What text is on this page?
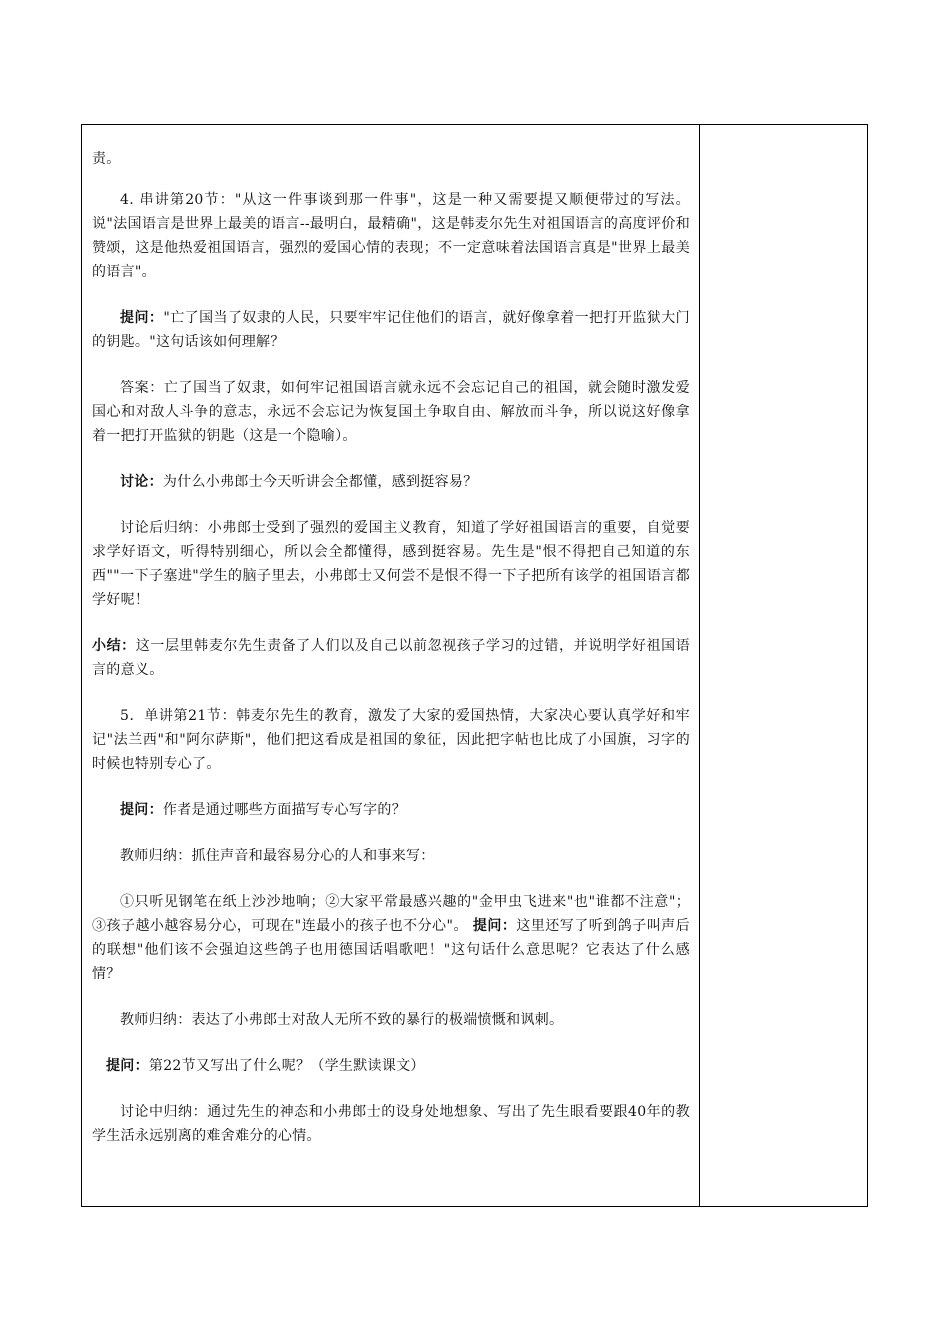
责。

4. 串讲第20节："从这一件事谈到那一件事"，这是一种又需要提又顺便带过的写法。说"法国语言是世界上最美的语言--最明白，最精确"，这是韩麦尔先生对祖国语言的高度评价和赞颂，这是他热爱祖国语言，强烈的爱国心情的表现；不一定意味着法国语言真是"世界上最美的语言"。

提问："亡了国当了奴隶的人民，只要牢牢记住他们的语言，就好像拿着一把打开监狱大门的钥匙。"这句话该如何理解？

答案：亡了国当了奴隶，如何牢记祖国语言就永远不会忘记自己的祖国，就会随时激发爱国心和对敌人斗争的意志，永远不会忘记为恢复国土争取自由、解放而斗争，所以说这好像拿着一把打开监狱的钥匙（这是一个隐喻）。

讨论：为什么小弗郎士今天听讲会全都懂，感到挺容易？

讨论后归纳：小弗郎士受到了强烈的爱国主义教育，知道了学好祖国语言的重要，自觉要求学好语文，听得特别细心，所以会全都懂得，感到挺容易。先生是"恨不得把自己知道的东西""一下子塞进"学生的脑子里去，小弗郎士又何尝不是恨不得一下子把所有该学的祖国语言都学好呢！

小结：这一层里韩麦尔先生责备了人们以及自己以前忽视孩子学习的过错，并说明学好祖国语言的意义。

5．单讲第21节：韩麦尔先生的教育，激发了大家的爱国热情，大家决心要认真学好和牢记"法兰西"和"阿尔萨斯"，他们把这看成是祖国的象征，因此把字帖也比成了小国旗，习字的时候也特别专心了。

提问：作者是通过哪些方面描写专心写字的？

教师归纳：抓住声音和最容易分心的人和事来写：

①只听见钢笔在纸上沙沙地响；②大家平常最感兴趣的"金甲虫飞进来"也"谁都不注意"；③孩子越小越容易分心，可现在"连最小的孩子也不分心"。 提问：这里还写了听到鸽子叫声后的联想"他们该不会强迫这些鸽子也用德国话唱歌吧！"这句话什么意思呢？它表达了什么感情？

教师归纳：表达了小弗郎士对敌人无所不致的暴行的极端愤慨和讽刺。

提问：第22节又写出了什么呢？（学生默读课文）

讨论中归纳：通过先生的神态和小弗郎士的设身处地想象、写出了先生眼看要跟40年的教学生活永远别离的难舍难分的心情。
